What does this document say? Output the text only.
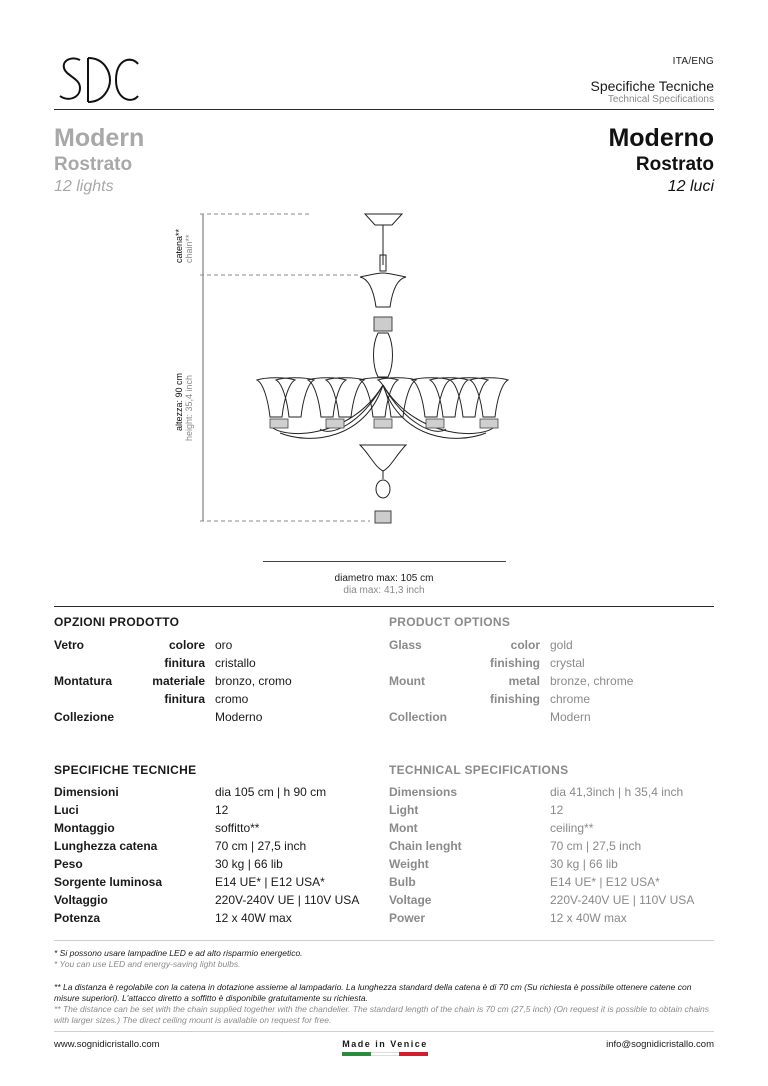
ITA/ENG
Specifiche Tecniche
Technical Specifications
Modern
Rostrato
12 lights
Moderno
Rostrato
12 luci
catena** chain**
altezza: 90 cm height: 35,4 inch
diametro max: 105 cm
dia max: 41,3 inch
OPZIONI PRODOTTO
Vetro
Montatura
Collezione
colore
finitura
materiale
finitura
oro
cristallo
bronzo, cromo
cromo
Moderno
PRODUCT OPTIONS
Glass
Mount
Collection
color
finishing
metal
finishing
gold
crystal
bronze, chrome
chrome
Modern
SPECIFICHE TECNICHE
Dimensioni
Luci
Montaggio
Lunghezza catena
Peso
Sorgente luminosa
Voltaggio
Potenza
dia 105 cm | h 90 cm
12
soffitto**
70 cm | 27,5 inch
30 kg | 66 lib
E14 UE* | E12 USA*
220V-240V UE | 110V USA
12 x 40W max
TECHNICAL SPECIFICATIONS
Dimensions
Light
Mont
Chain lenght
Weight
Bulb
Voltage
Power
dia 41,3inch | h 35,4 inch
12
ceiling**
70 cm | 27,5 inch
30 kg | 66 lib
E14 UE* | E12 USA*
220V-240V UE | 110V USA
12 x 40W max
* Si possono usare lampadine LED e ad alto risparmio energetico.
* You can use LED and energy-saving light bulbs.
** La distanza è regolabile con la catena in dotazione assieme al lampadario. La lunghezza standard della catena è di 70 cm (Su richiesta è possibile ottenere catene con misure superiori). L'attacco diretto a soffitto è disponibile gratuitamente su richiesta.
** The distance can be set with the chain supplied together with the chandelier. The standard length of the chain is 70 cm (27,5 inch) (On request it is possible to obtain chains with larger sizes.) The direct ceiling mount is available on request for free.
www.sognidicristallo.com	Made in Venice	info@sognidicristallo.com
